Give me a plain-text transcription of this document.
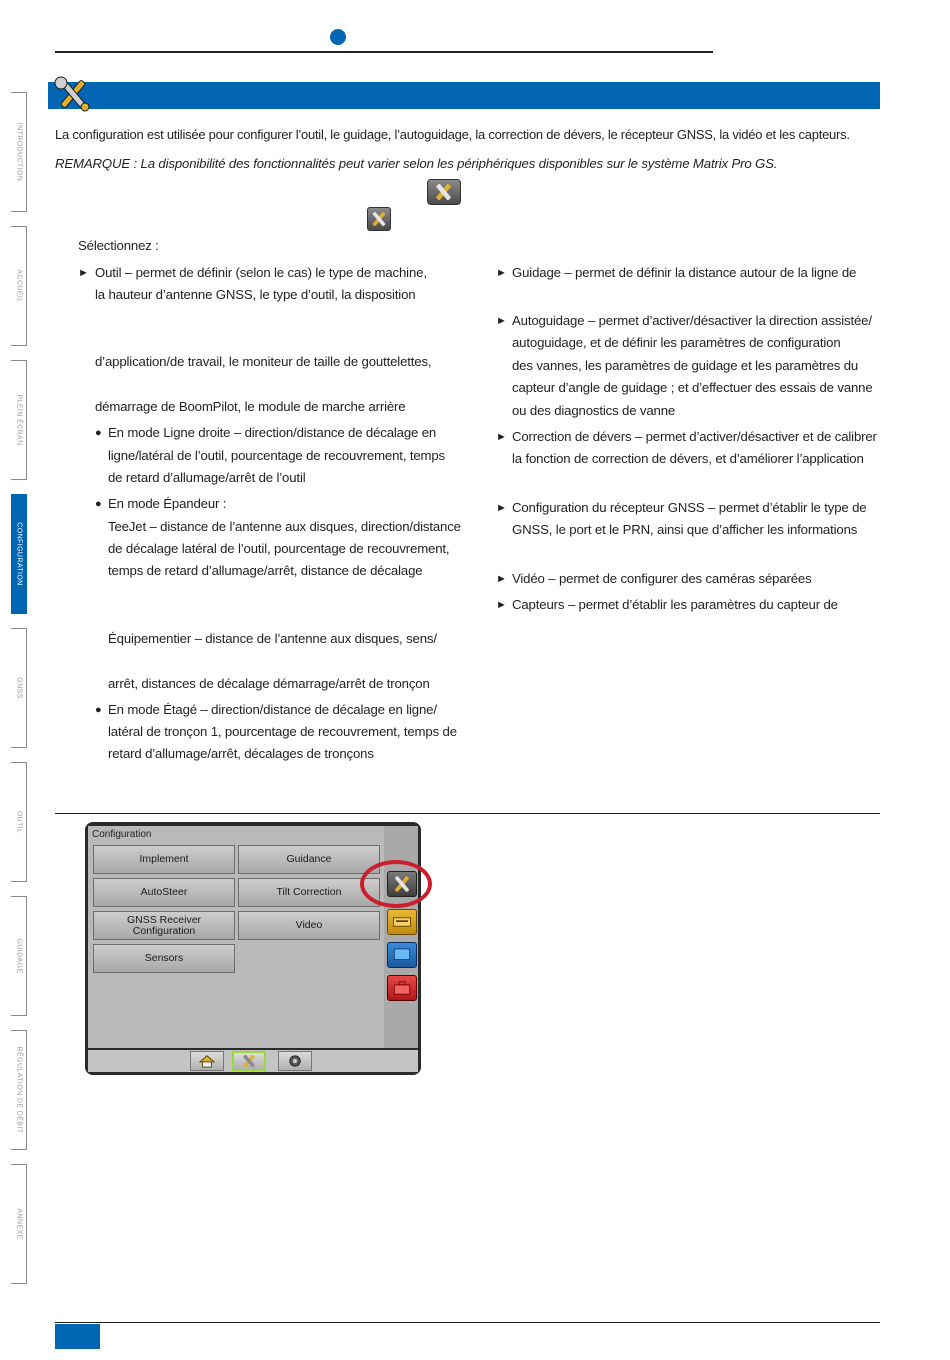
La configuration est utilisée pour configurer l’outil, le guidage, l’autoguidage, la correction de dévers, le récepteur GNSS, la vidéo et les capteurs.
REMARQUE : La disponibilité des fonctionnalités peut varier selon les périphériques disponibles sur le système Matrix Pro GS.
Sélectionnez :
► Outil – permet de définir (selon le cas) le type de machine,
la hauteur d’antenne GNSS, le type d’outil, la disposition
d’application/de travail, le moniteur de taille de gouttelettes,
démarrage de BoomPilot, le module de marche arrière
● En mode Ligne droite – direction/distance de décalage en
ligne/latéral de l’outil, pourcentage de recouvrement, temps
de retard d’allumage/arrêt de l’outil
● En mode Épandeur :
TeeJet – distance de l’antenne aux disques, direction/distance
de décalage latéral de l’outil, pourcentage de recouvrement,
temps de retard d’allumage/arrêt, distance de décalage
Équipementier – distance de l’antenne aux disques, sens/
arrêt, distances de décalage démarrage/arrêt de tronçon
● En mode Étagé – direction/distance de décalage en ligne/
latéral de tronçon 1, pourcentage de recouvrement, temps de
retard d’allumage/arrêt, décalages de tronçons
► Guidage – permet de définir la distance autour de la ligne de
► Autoguidage – permet d’activer/désactiver la direction assistée/
autoguidage, et de définir les paramètres de configuration
des vannes, les paramètres de guidage et les paramètres du
capteur d’angle de guidage ; et d’effectuer des essais de vanne
ou des diagnostics de vanne
► Correction de dévers – permet d’activer/désactiver et de calibrer
la fonction de correction de dévers, et d’améliorer l’application
► Configuration du récepteur GNSS – permet d’établir le type de
GNSS, le port et le PRN, ainsi que d’afficher les informations
► Vidéo – permet de configurer des caméras séparées
► Capteurs – permet d’établir les paramètres du capteur de
INTRODUCTION
ACCUEIL
PLEIN ÉCRAN
CONFIGURATION
GNSS
OUTIL
GUIDAGE
RÉGULATION DE DÉBIT
ANNEXE
Configuration
Implement	Guidance
AutoSteer	Tilt Correction
GNSS Receiver
Configuration	Video
Sensors
